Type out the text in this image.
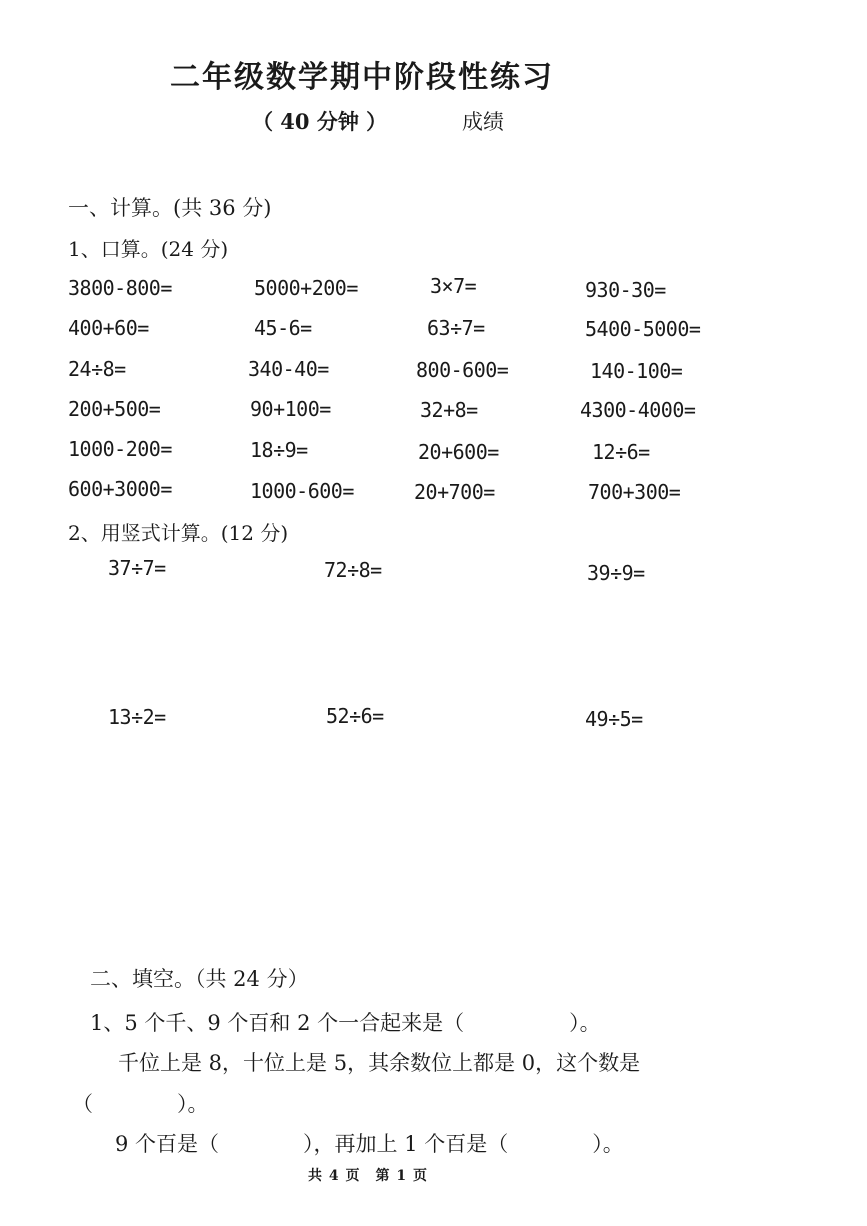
二年级数学期中阶段性练习
（ 40 分钟 ）	成绩
一、计算。(共 36 分)
1、口算。(24 分)
3800-800=	5000+200=	3×7=	930-30=
400+60=	45-6=	63÷7=	5400-5000=
24÷8=	340-40=	800-600=	140-100=
200+500=	90+100=	32+8=	4300-4000=
1000-200=	18÷9=	20+600=	12÷6=
600+3000=	1000-600=	20+700=	700+300=
2、用竖式计算。(12 分)
37÷7=	72÷8=	39÷9=
13÷2=	52÷6=	49÷5=
二、填空。（共 24 分）
1、5 个千、9 个百和 2 个一合起来是（　　　　　）。
千位上是 8，十位上是 5，其余数位上都是 0，这个数是
（　　　　）。
9 个百是（　　　　），再加上 1 个百是（　　　　）。
共 4 页　第 1 页
